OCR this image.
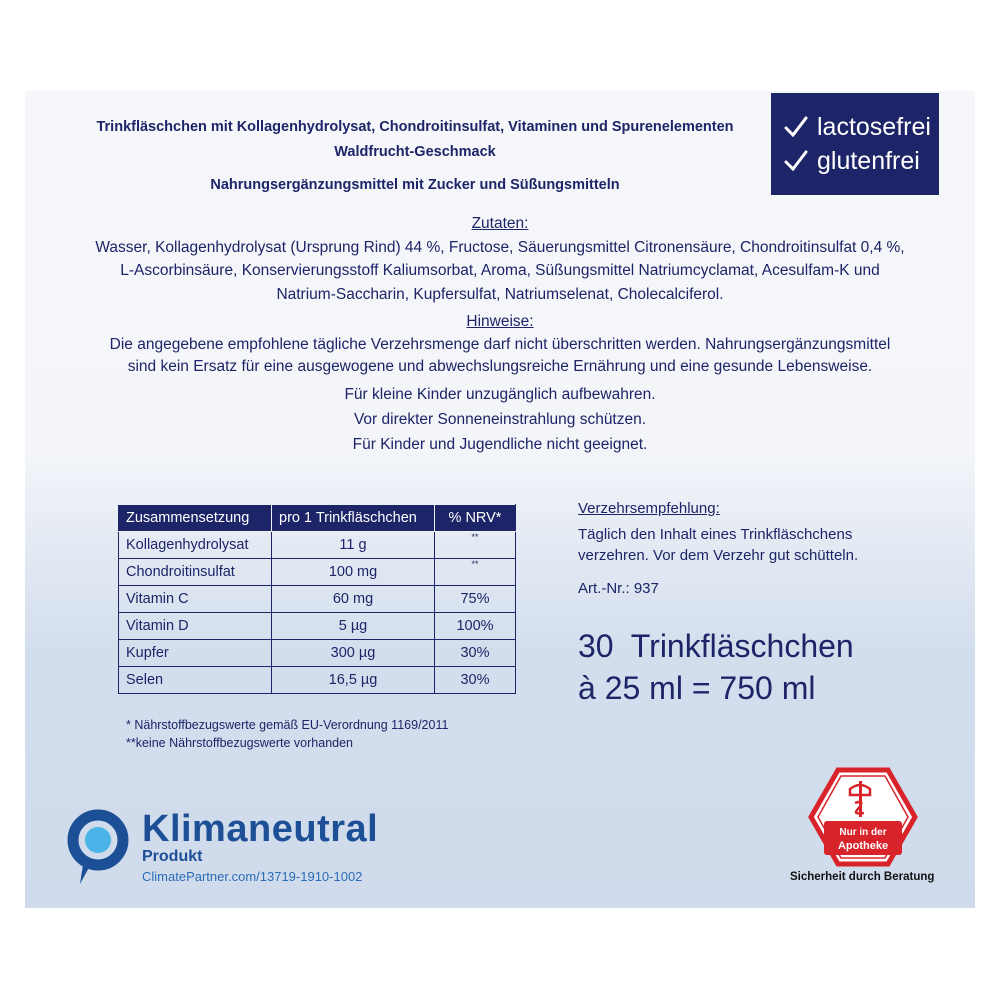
Trinkfläschchen mit Kollagenhydrolysat, Chondroitinsulfat, Vitaminen und Spurenelementen
Waldfrucht-Geschmack
Nahrungsergänzungsmittel mit Zucker und Süßungsmitteln
lactosefrei
glutenfrei
Zutaten:
Wasser, Kollagenhydrolysat (Ursprung Rind) 44 %, Fructose, Säuerungsmittel Citronensäure, Chondroitinsulfat 0,4 %,
L-Ascorbinsäure, Konservierungsstoff Kaliumsorbat, Aroma, Süßungsmittel Natriumcyclamat, Acesulfam-K und
Natrium-Saccharin, Kupfersulfat, Natriumselenat, Cholecalciferol.
Hinweise:
Die angegebene empfohlene tägliche Verzehrsmenge darf nicht überschritten werden. Nahrungsergänzungsmittel
sind kein Ersatz für eine ausgewogene und abwechslungsreiche Ernährung und eine gesunde Lebensweise.
Für kleine Kinder unzugänglich aufbewahren.
Vor direkter Sonneneinstrahlung schützen.
Für Kinder und Jugendliche nicht geeignet.
Zusammensetzung	pro 1 Trinkfläschchen	% NRV*
Kollagenhydrolysat	11 g	**
Chondroitinsulfat	100 mg	**
Vitamin C	60 mg	75%
Vitamin D	5 µg	100%
Kupfer	300 µg	30%
Selen	16,5 µg	30%
* Nährstoffbezugswerte gemäß EU-Verordnung 1169/2011
**keine Nährstoffbezugswerte vorhanden
Verzehrsempfehlung:
Täglich den Inhalt eines Trinkfläschchens
verzehren. Vor dem Verzehr gut schütteln.
Art.-Nr.: 937
30  Trinkfläschchen
à 25 ml = 750 ml
Klimaneutral
Produkt
ClimatePartner.com/13719-1910-1002
Nur in der
Apotheke
Sicherheit durch Beratung
